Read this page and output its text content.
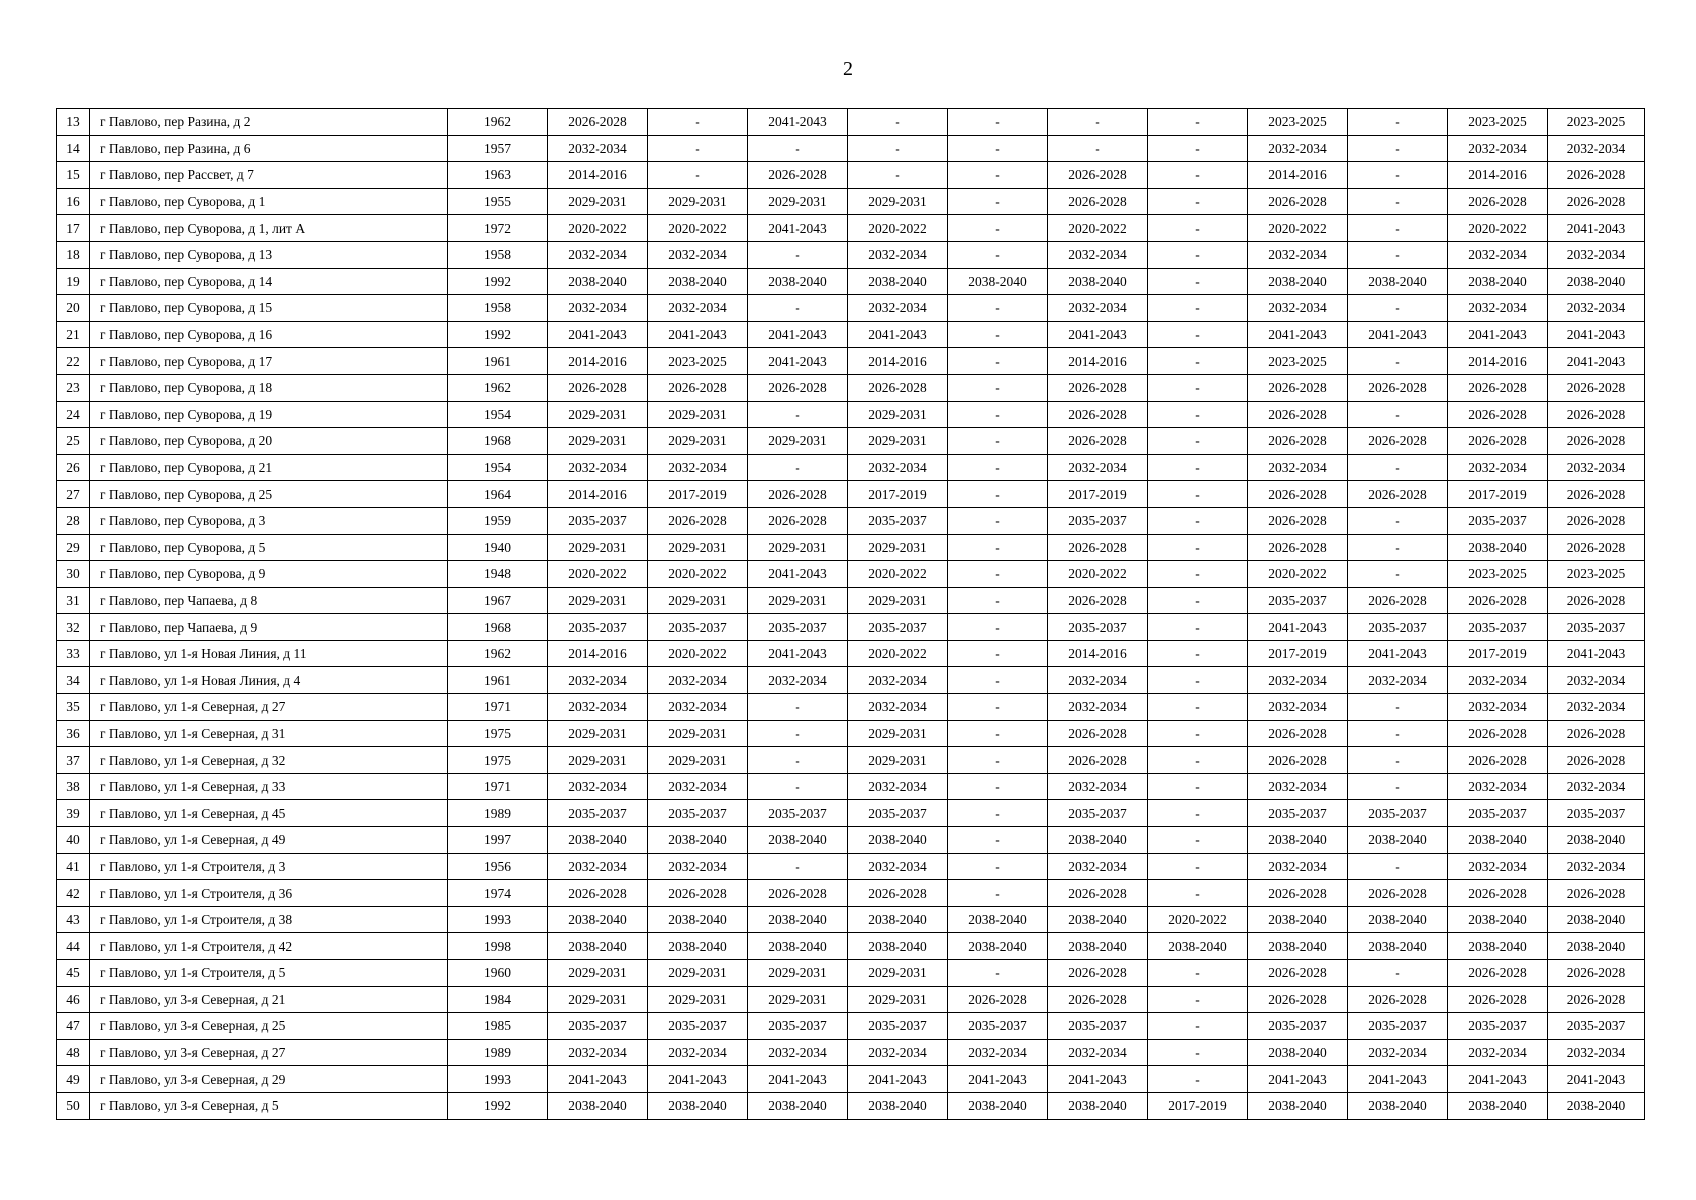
2
13	г Павлово, пер Разина, д 2	1962	2026-2028	-	2041-2043	-	-	-	-	2023-2025	-	2023-2025	2023-2025
14	г Павлово, пер Разина, д 6	1957	2032-2034	-	-	-	-	-	-	2032-2034	-	2032-2034	2032-2034
15	г Павлово, пер Рассвет, д 7	1963	2014-2016	-	2026-2028	-	-	2026-2028	-	2014-2016	-	2014-2016	2026-2028
16	г Павлово, пер Суворова, д 1	1955	2029-2031	2029-2031	2029-2031	2029-2031	-	2026-2028	-	2026-2028	-	2026-2028	2026-2028
17	г Павлово, пер Суворова, д 1, лит А	1972	2020-2022	2020-2022	2041-2043	2020-2022	-	2020-2022	-	2020-2022	-	2020-2022	2041-2043
18	г Павлово, пер Суворова, д 13	1958	2032-2034	2032-2034	-	2032-2034	-	2032-2034	-	2032-2034	-	2032-2034	2032-2034
19	г Павлово, пер Суворова, д 14	1992	2038-2040	2038-2040	2038-2040	2038-2040	2038-2040	2038-2040	-	2038-2040	2038-2040	2038-2040	2038-2040
20	г Павлово, пер Суворова, д 15	1958	2032-2034	2032-2034	-	2032-2034	-	2032-2034	-	2032-2034	-	2032-2034	2032-2034
21	г Павлово, пер Суворова, д 16	1992	2041-2043	2041-2043	2041-2043	2041-2043	-	2041-2043	-	2041-2043	2041-2043	2041-2043	2041-2043
22	г Павлово, пер Суворова, д 17	1961	2014-2016	2023-2025	2041-2043	2014-2016	-	2014-2016	-	2023-2025	-	2014-2016	2041-2043
23	г Павлово, пер Суворова, д 18	1962	2026-2028	2026-2028	2026-2028	2026-2028	-	2026-2028	-	2026-2028	2026-2028	2026-2028	2026-2028
24	г Павлово, пер Суворова, д 19	1954	2029-2031	2029-2031	-	2029-2031	-	2026-2028	-	2026-2028	-	2026-2028	2026-2028
25	г Павлово, пер Суворова, д 20	1968	2029-2031	2029-2031	2029-2031	2029-2031	-	2026-2028	-	2026-2028	2026-2028	2026-2028	2026-2028
26	г Павлово, пер Суворова, д 21	1954	2032-2034	2032-2034	-	2032-2034	-	2032-2034	-	2032-2034	-	2032-2034	2032-2034
27	г Павлово, пер Суворова, д 25	1964	2014-2016	2017-2019	2026-2028	2017-2019	-	2017-2019	-	2026-2028	2026-2028	2017-2019	2026-2028
28	г Павлово, пер Суворова, д 3	1959	2035-2037	2026-2028	2026-2028	2035-2037	-	2035-2037	-	2026-2028	-	2035-2037	2026-2028
29	г Павлово, пер Суворова, д 5	1940	2029-2031	2029-2031	2029-2031	2029-2031	-	2026-2028	-	2026-2028	-	2038-2040	2026-2028
30	г Павлово, пер Суворова, д 9	1948	2020-2022	2020-2022	2041-2043	2020-2022	-	2020-2022	-	2020-2022	-	2023-2025	2023-2025
31	г Павлово, пер Чапаева, д 8	1967	2029-2031	2029-2031	2029-2031	2029-2031	-	2026-2028	-	2035-2037	2026-2028	2026-2028	2026-2028
32	г Павлово, пер Чапаева, д 9	1968	2035-2037	2035-2037	2035-2037	2035-2037	-	2035-2037	-	2041-2043	2035-2037	2035-2037	2035-2037
33	г Павлово, ул 1-я Новая Линия, д 11	1962	2014-2016	2020-2022	2041-2043	2020-2022	-	2014-2016	-	2017-2019	2041-2043	2017-2019	2041-2043
34	г Павлово, ул 1-я Новая Линия, д 4	1961	2032-2034	2032-2034	2032-2034	2032-2034	-	2032-2034	-	2032-2034	2032-2034	2032-2034	2032-2034
35	г Павлово, ул 1-я Северная, д 27	1971	2032-2034	2032-2034	-	2032-2034	-	2032-2034	-	2032-2034	-	2032-2034	2032-2034
36	г Павлово, ул 1-я Северная, д 31	1975	2029-2031	2029-2031	-	2029-2031	-	2026-2028	-	2026-2028	-	2026-2028	2026-2028
37	г Павлово, ул 1-я Северная, д 32	1975	2029-2031	2029-2031	-	2029-2031	-	2026-2028	-	2026-2028	-	2026-2028	2026-2028
38	г Павлово, ул 1-я Северная, д 33	1971	2032-2034	2032-2034	-	2032-2034	-	2032-2034	-	2032-2034	-	2032-2034	2032-2034
39	г Павлово, ул 1-я Северная, д 45	1989	2035-2037	2035-2037	2035-2037	2035-2037	-	2035-2037	-	2035-2037	2035-2037	2035-2037	2035-2037
40	г Павлово, ул 1-я Северная, д 49	1997	2038-2040	2038-2040	2038-2040	2038-2040	-	2038-2040	-	2038-2040	2038-2040	2038-2040	2038-2040
41	г Павлово, ул 1-я Строителя, д 3	1956	2032-2034	2032-2034	-	2032-2034	-	2032-2034	-	2032-2034	-	2032-2034	2032-2034
42	г Павлово, ул 1-я Строителя, д 36	1974	2026-2028	2026-2028	2026-2028	2026-2028	-	2026-2028	-	2026-2028	2026-2028	2026-2028	2026-2028
43	г Павлово, ул 1-я Строителя, д 38	1993	2038-2040	2038-2040	2038-2040	2038-2040	2038-2040	2038-2040	2020-2022	2038-2040	2038-2040	2038-2040	2038-2040
44	г Павлово, ул 1-я Строителя, д 42	1998	2038-2040	2038-2040	2038-2040	2038-2040	2038-2040	2038-2040	2038-2040	2038-2040	2038-2040	2038-2040	2038-2040
45	г Павлово, ул 1-я Строителя, д 5	1960	2029-2031	2029-2031	2029-2031	2029-2031	-	2026-2028	-	2026-2028	-	2026-2028	2026-2028
46	г Павлово, ул 3-я Северная, д 21	1984	2029-2031	2029-2031	2029-2031	2029-2031	2026-2028	2026-2028	-	2026-2028	2026-2028	2026-2028	2026-2028
47	г Павлово, ул 3-я Северная, д 25	1985	2035-2037	2035-2037	2035-2037	2035-2037	2035-2037	2035-2037	-	2035-2037	2035-2037	2035-2037	2035-2037
48	г Павлово, ул 3-я Северная, д 27	1989	2032-2034	2032-2034	2032-2034	2032-2034	2032-2034	2032-2034	-	2038-2040	2032-2034	2032-2034	2032-2034
49	г Павлово, ул 3-я Северная, д 29	1993	2041-2043	2041-2043	2041-2043	2041-2043	2041-2043	2041-2043	-	2041-2043	2041-2043	2041-2043	2041-2043
50	г Павлово, ул 3-я Северная, д 5	1992	2038-2040	2038-2040	2038-2040	2038-2040	2038-2040	2038-2040	2017-2019	2038-2040	2038-2040	2038-2040	2038-2040
